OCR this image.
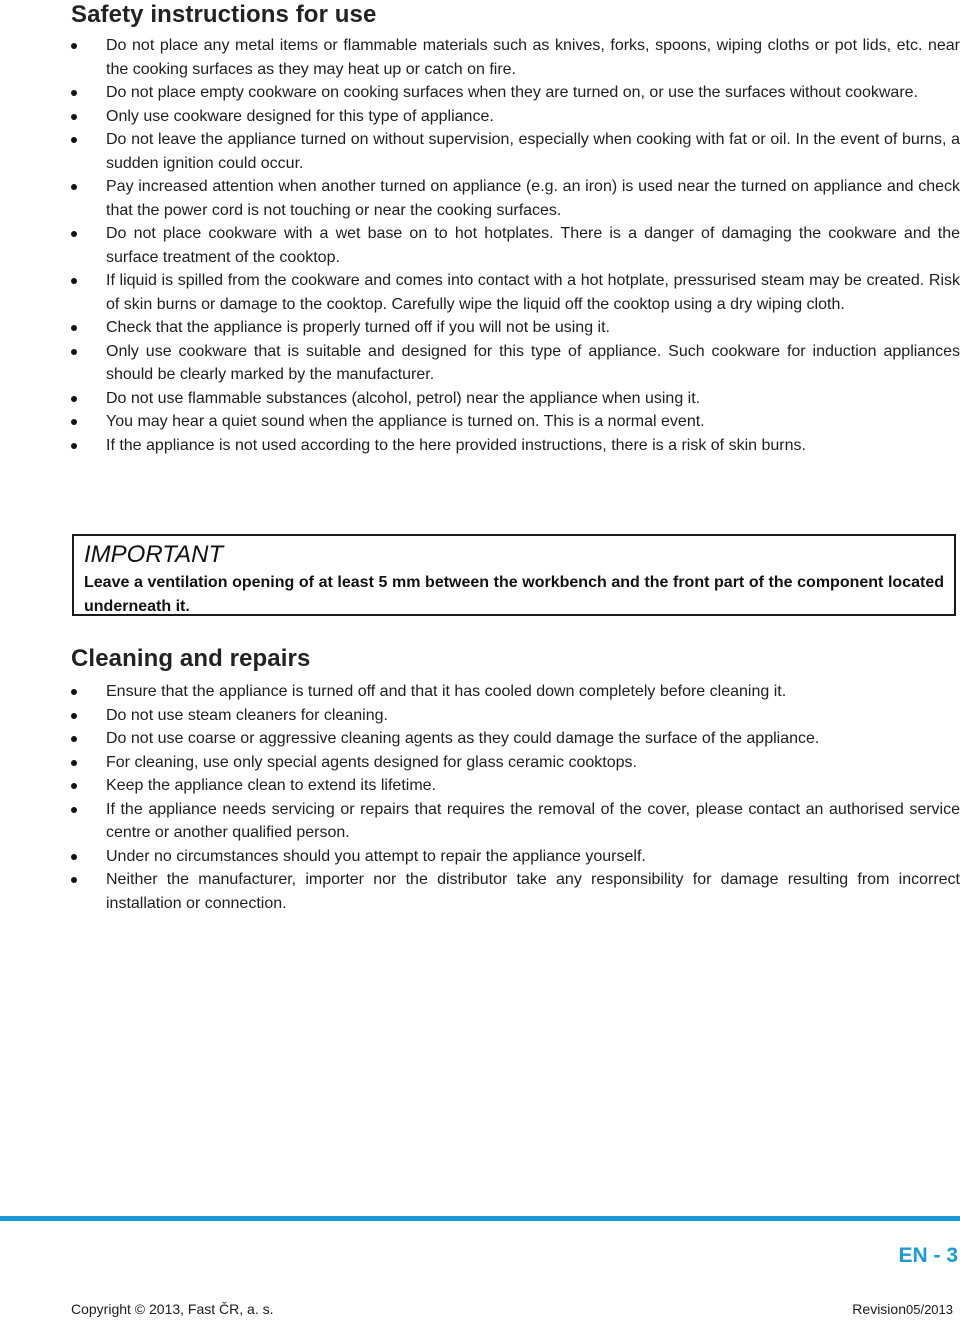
Safety instructions for use
Do not place any metal items or flammable materials such as knives, forks, spoons, wiping cloths or pot lids, etc. near the cooking surfaces as they may heat up or catch on fire.
Do not place empty cookware on cooking surfaces when they are turned on, or use the surfaces without cookware.
Only use cookware designed for this type of appliance.
Do not leave the appliance turned on without supervision, especially when cooking with fat or oil. In the event of burns, a sudden ignition could occur.
Pay increased attention when another turned on appliance (e.g. an iron) is used near the turned on appliance and check that the power cord is not touching or near the cooking surfaces.
Do not place cookware with a wet base on to hot hotplates. There is a danger of damaging the cookware and the surface treatment of the cooktop.
If liquid is spilled from the cookware and comes into contact with a hot hotplate, pressurised steam may be created. Risk of skin burns or damage to the cooktop. Carefully wipe the liquid off the cooktop using a dry wiping cloth.
Check that the appliance is properly turned off if you will not be using it.
Only use cookware that is suitable and designed for this type of appliance. Such cookware for induction appliances should be clearly marked by the manufacturer.
Do not use flammable substances (alcohol, petrol) near the appliance when using it.
You may hear a quiet sound when the appliance is turned on. This is a normal event.
If the appliance is not used according to the here provided instructions, there is a risk of skin burns.

IMPORTANT

Leave a ventilation opening of at least 5 mm between the workbench and the front part of the component located underneath it.

Cleaning and repairs
Ensure that the appliance is turned off and that it has cooled down completely before cleaning it.
Do not use steam cleaners for cleaning.
Do not use coarse or aggressive cleaning agents as they could damage the surface of the appliance.
For cleaning, use only special agents designed for glass ceramic cooktops.
Keep the appliance clean to extend its lifetime.
If the appliance needs servicing or repairs that requires the removal of the cover, please contact an authorised service centre or another qualified person.
Under no circumstances should you attempt to repair the appliance yourself.
Neither the manufacturer, importer nor the distributor take any responsibility for damage resulting from incorrect installation or connection.
EN - 3
Copyright © 2013, Fast ČR, a. s.	Revision05/2013
